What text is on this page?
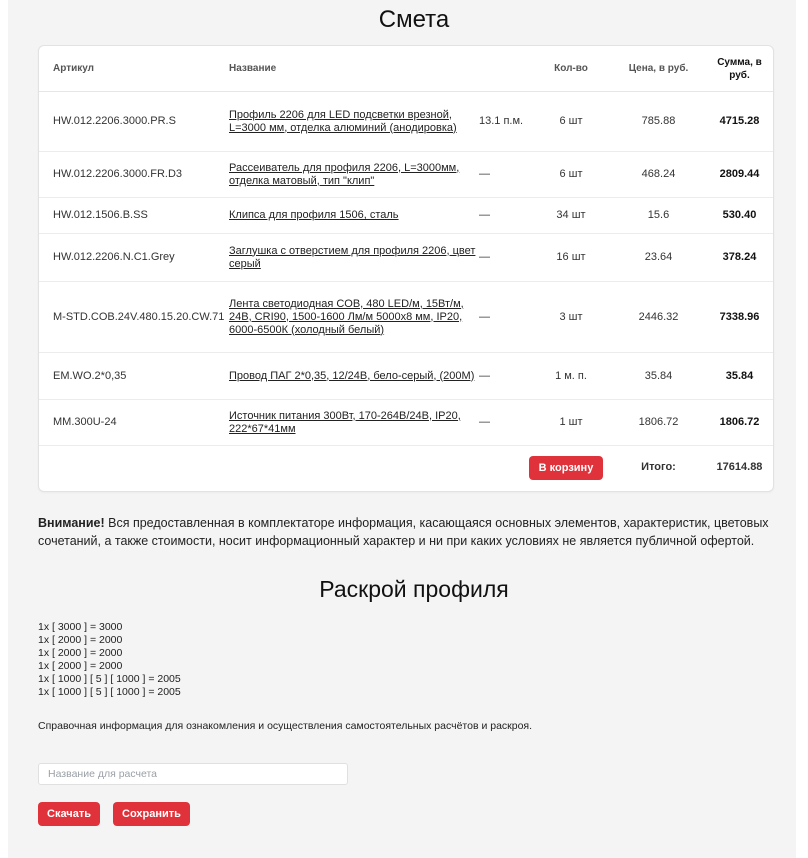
Смета
Артикул	Название		Кол-во	Цена, в руб.	Сумма, в руб.
HW.012.2206.3000.PR.S	Профиль 2206 для LED подсветки врезной, L=3000 мм, отделка алюминий (анодировка)	13.1 п.м.	6 шт	785.88	4715.28
HW.012.2206.3000.FR.D3	Рассеиватель для профиля 2206, L=3000мм, отделка матовый, тип "клип"	—	6 шт	468.24	2809.44
HW.012.1506.B.SS	Клипса для профиля 1506, сталь	—	34 шт	15.6	530.40
HW.012.2206.N.C1.Grey	Заглушка с отверстием для профиля 2206, цвет серый	—	16 шт	23.64	378.24
M-STD.COB.24V.480.15.20.CW.71	Лента светодиодная COB, 480 LED/м, 15Вт/м, 24В, CRI90, 1500-1600 Лм/м 5000х8 мм, IP20, 6000-6500К (холодный белый)	—	3 шт	2446.32	7338.96
EM.WO.2*0,35	Провод ПАГ 2*0,35, 12/24В, бело-серый, (200М)	—	1 м. п.	35.84	35.84
MM.300U-24	Источник питания 300Вт, 170-264В/24В, IP20, 222*67*41мм	—	1 шт	1806.72	1806.72
		В корзину		Итого:	17614.88
Внимание! Вся предоставленная в комплектаторе информация, касающаяся основных элементов, характеристик, цветовых сочетаний, а также стоимости, носит информационный характер и ни при каких условиях не является публичной офертой.
Раскрой профиля
1x [ 3000 ] = 3000
1x [ 2000 ] = 2000
1x [ 2000 ] = 2000
1x [ 2000 ] = 2000
1x [ 1000 ] [ 5 ] [ 1000 ] = 2005
1x [ 1000 ] [ 5 ] [ 1000 ] = 2005
Справочная информация для ознакомления и осуществления самостоятельных расчётов и раскроя.
Название для расчета
Скачать	Сохранить
